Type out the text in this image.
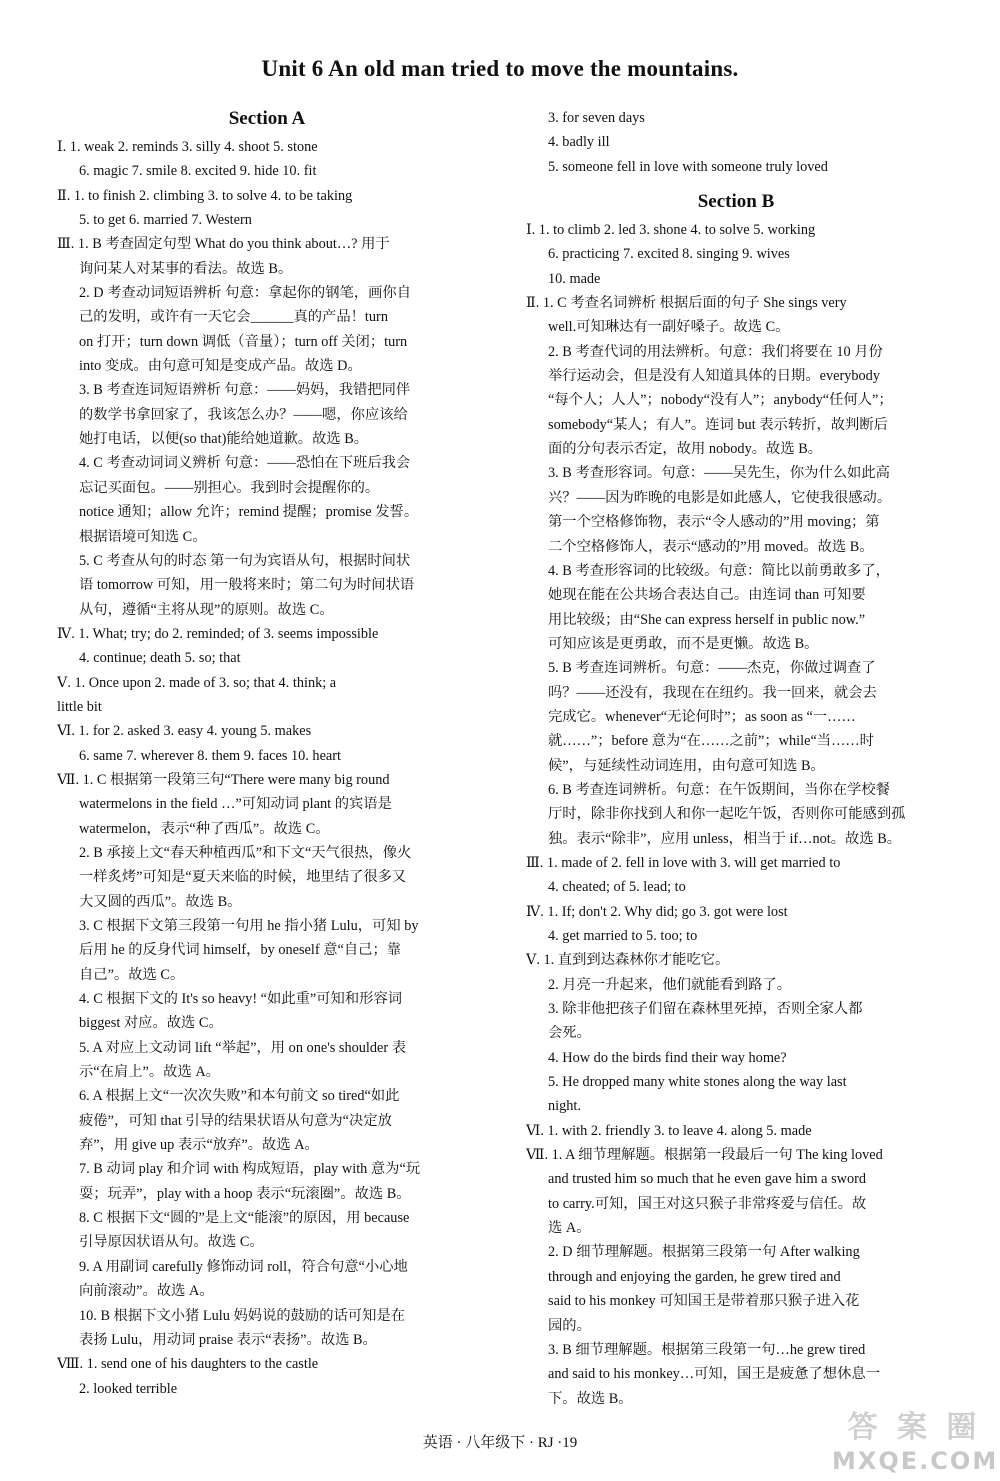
Unit 6 An old man tried to move the mountains.
Section A
Ⅰ. 1. weak 2. reminds 3. silly 4. shoot 5. stone
6. magic 7. smile 8. excited 9. hide 10. fit
Ⅱ. 1. to finish 2. climbing 3. to solve 4. to be taking
5. to get 6. married 7. Western
Ⅲ. 1. B 考查固定句型 What do you think about…? 用于
询问某人对某事的看法。故选 B。
2. D 考查动词短语辨析 句意：拿起你的钢笔，画你自
己的发明，或许有一天它会______真的产品！turn
on 打开；turn down 调低（音量）；turn off 关闭；turn
into 变成。由句意可知是变成产品。故选 D。
3. B 考查连词短语辨析 句意：——妈妈，我错把同伴
的数学书拿回家了，我该怎么办？——嗯，你应该给
她打电话，以便(so that)能给她道歉。故选 B。
4. C 考查动词词义辨析 句意：——恐怕在下班后我会
忘记买面包。——别担心。我到时会提醒你的。
notice 通知；allow 允许；remind 提醒；promise 发誓。
根据语境可知选 C。
5. C 考查从句的时态 第一句为宾语从句，根据时间状
语 tomorrow 可知，用一般将来时；第二句为时间状语
从句，遵循“主将从现”的原则。故选 C。
Ⅳ. 1. What; try; do 2. reminded; of 3. seems impossible
4. continue; death 5. so; that
Ⅴ. 1. Once upon 2. made of 3. so; that 4. think; a
little bit
Ⅵ. 1. for 2. asked 3. easy 4. young 5. makes
6. same 7. wherever 8. them 9. faces 10. heart
Ⅶ. 1. C 根据第一段第三句“There were many big round
watermelons in the field …”可知动词 plant 的宾语是
watermelon，表示“种了西瓜”。故选 C。
2. B 承接上文“春天种植西瓜”和下文“天气很热，像火
一样炙烤”可知是“夏天来临的时候，地里结了很多又
大又圆的西瓜”。故选 B。
3. C 根据下文第三段第一句用 he 指小猪 Lulu，可知 by
后用 he 的反身代词 himself，by oneself 意“自己；靠
自己”。故选 C。
4. C 根据下文的 It's so heavy! “如此重”可知和形容词
biggest 对应。故选 C。
5. A 对应上文动词 lift “举起”，用 on one's shoulder 表
示“在肩上”。故选 A。
6. A 根据上文“一次次失败”和本句前文 so tired“如此
疲倦”，可知 that 引导的结果状语从句意为“决定放
弃”，用 give up 表示“放弃”。故选 A。
7. B 动词 play 和介词 with 构成短语，play with 意为“玩
耍；玩弄”，play with a hoop 表示“玩滚圈”。故选 B。
8. C 根据下文“圆的”是上文“能滚”的原因，用 because
引导原因状语从句。故选 C。
9. A 用副词 carefully 修饰动词 roll，符合句意“小心地
向前滚动”。故选 A。
10. B 根据下文小猪 Lulu 妈妈说的鼓励的话可知是在
表扬 Lulu，用动词 praise 表示“表扬”。故选 B。
Ⅷ. 1. send one of his daughters to the castle
2. looked terrible
3. for seven days
4. badly ill
5. someone fell in love with someone truly loved
Section B
Ⅰ. 1. to climb 2. led 3. shone 4. to solve 5. working
6. practicing 7. excited 8. singing 9. wives
10. made
Ⅱ. 1. C 考查名词辨析 根据后面的句子 She sings very
well.可知琳达有一副好嗓子。故选 C。
2. B 考查代词的用法辨析。句意：我们将要在 10 月份
举行运动会，但是没有人知道具体的日期。everybody
“每个人；人人”；nobody“没有人”；anybody“任何人”；
somebody“某人；有人”。连词 but 表示转折，故判断后
面的分句表示否定，故用 nobody。故选 B。
3. B 考查形容词。句意：——吴先生，你为什么如此高
兴？——因为昨晚的电影是如此感人，它使我很感动。
第一个空格修饰物，表示“令人感动的”用 moving；第
二个空格修饰人，表示“感动的”用 moved。故选 B。
4. B 考查形容词的比较级。句意：简比以前勇敢多了，
她现在能在公共场合表达自己。由连词 than 可知要
用比较级；由“She can express herself in public now.”
可知应该是更勇敢，而不是更懒。故选 B。
5. B 考查连词辨析。句意：——杰克，你做过调查了
吗？——还没有，我现在在纽约。我一回来，就会去
完成它。whenever“无论何时”；as soon as “一……
就……”；before 意为“在……之前”；while“当……时
候”，与延续性动词连用，由句意可知选 B。
6. B 考查连词辨析。句意：在午饭期间，当你在学校餐
厅时，除非你找到人和你一起吃午饭，否则你可能感到孤
独。表示“除非”，应用 unless，相当于 if…not。故选 B。
Ⅲ. 1. made of 2. fell in love with 3. will get married to
4. cheated; of 5. lead; to
Ⅳ. 1. If; don't 2. Why did; go 3. got were lost
4. get married to 5. too; to
Ⅴ. 1. 直到到达森林你才能吃它。
2. 月亮一升起来，他们就能看到路了。
3. 除非他把孩子们留在森林里死掉，否则全家人都
会死。
4. How do the birds find their way home?
5. He dropped many white stones along the way last
night.
Ⅵ. 1. with 2. friendly 3. to leave 4. along 5. made
Ⅶ. 1. A 细节理解题。根据第一段最后一句 The king loved
and trusted him so much that he even gave him a sword
to carry.可知，国王对这只猴子非常疼爱与信任。故
选 A。
2. D 细节理解题。根据第三段第一句 After walking
through and enjoying the garden, he grew tired and
said to his monkey 可知国王是带着那只猴子进入花
园的。
3. B 细节理解题。根据第三段第一句…he grew tired
and said to his monkey…可知，国王是疲惫了想休息一
下。故选 B。
英语 · 八年级下 · RJ ·19	答 案 圈
MXQE.COM
